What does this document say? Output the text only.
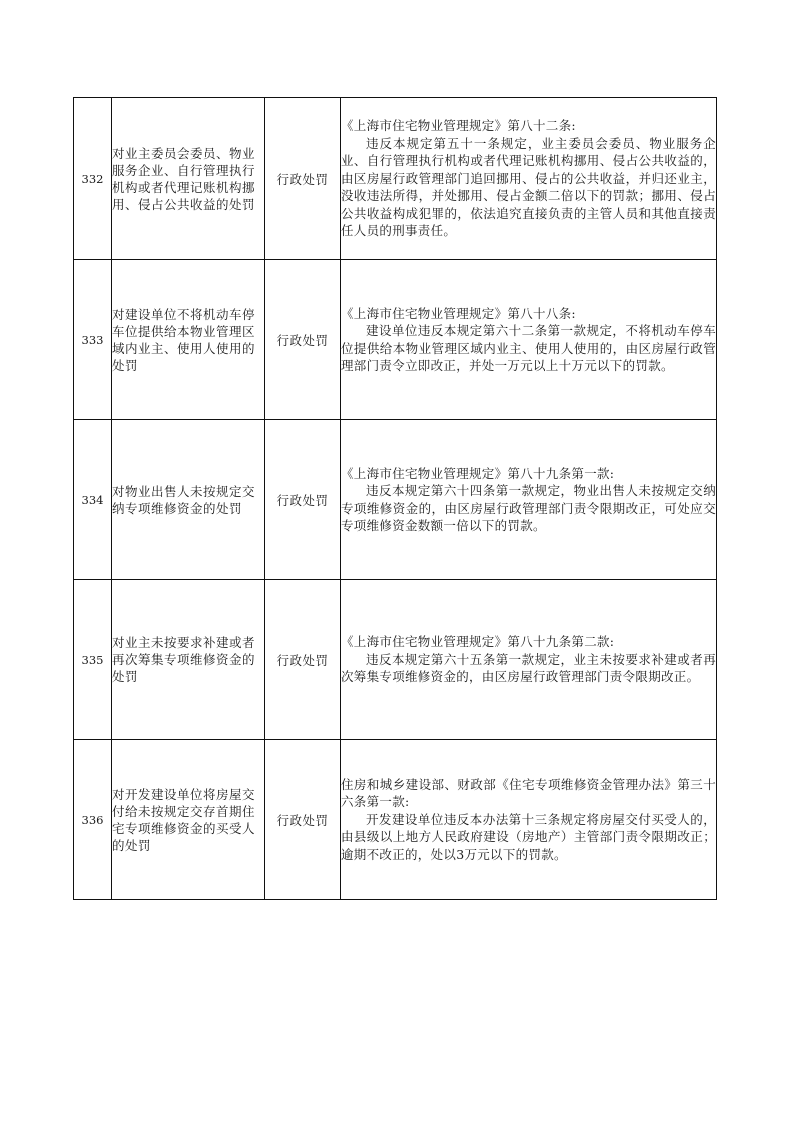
332	对业主委员会委员、物业服务企业、自行管理执行机构或者代理记账机构挪用、侵占公共收益的处罚	行政处罚	《上海市住宅物业管理规定》第八十二条:

违反本规定第五十一条规定，业主委员会委员、物业服务企业、自行管理执行机构或者代理记账机构挪用、侵占公共收益的，由区房屋行政管理部门追回挪用、侵占的公共收益，并归还业主，没收违法所得，并处挪用、侵占金额二倍以下的罚款；挪用、侵占公共收益构成犯罪的，依法追究直接负责的主管人员和其他直接责任人员的刑事责任。

333	对建设单位不将机动车停车位提供给本物业管理区域内业主、使用人使用的处罚	行政处罚	《上海市住宅物业管理规定》第八十八条:

建设单位违反本规定第六十二条第一款规定，不将机动车停车位提供给本物业管理区域内业主、使用人使用的，由区房屋行政管理部门责令立即改正，并处一万元以上十万元以下的罚款。

334	对物业出售人未按规定交纳专项维修资金的处罚	行政处罚	《上海市住宅物业管理规定》第八十九条第一款:

违反本规定第六十四条第一款规定，物业出售人未按规定交纳专项维修资金的，由区房屋行政管理部门责令限期改正，可处应交专项维修资金数额一倍以下的罚款。

335	对业主未按要求补建或者再次筹集专项维修资金的处罚	行政处罚	《上海市住宅物业管理规定》第八十九条第二款:

违反本规定第六十五条第一款规定，业主未按要求补建或者再次筹集专项维修资金的，由区房屋行政管理部门责令限期改正。

336	对开发建设单位将房屋交付给未按规定交存首期住宅专项维修资金的买受人的处罚	行政处罚	住房和城乡建设部、财政部《住宅专项维修资金管理办法》第三十六条第一款:

开发建设单位违反本办法第十三条规定将房屋交付买受人的，由县级以上地方人民政府建设（房地产）主管部门责令限期改正；逾期不改正的，处以3万元以下的罚款。
